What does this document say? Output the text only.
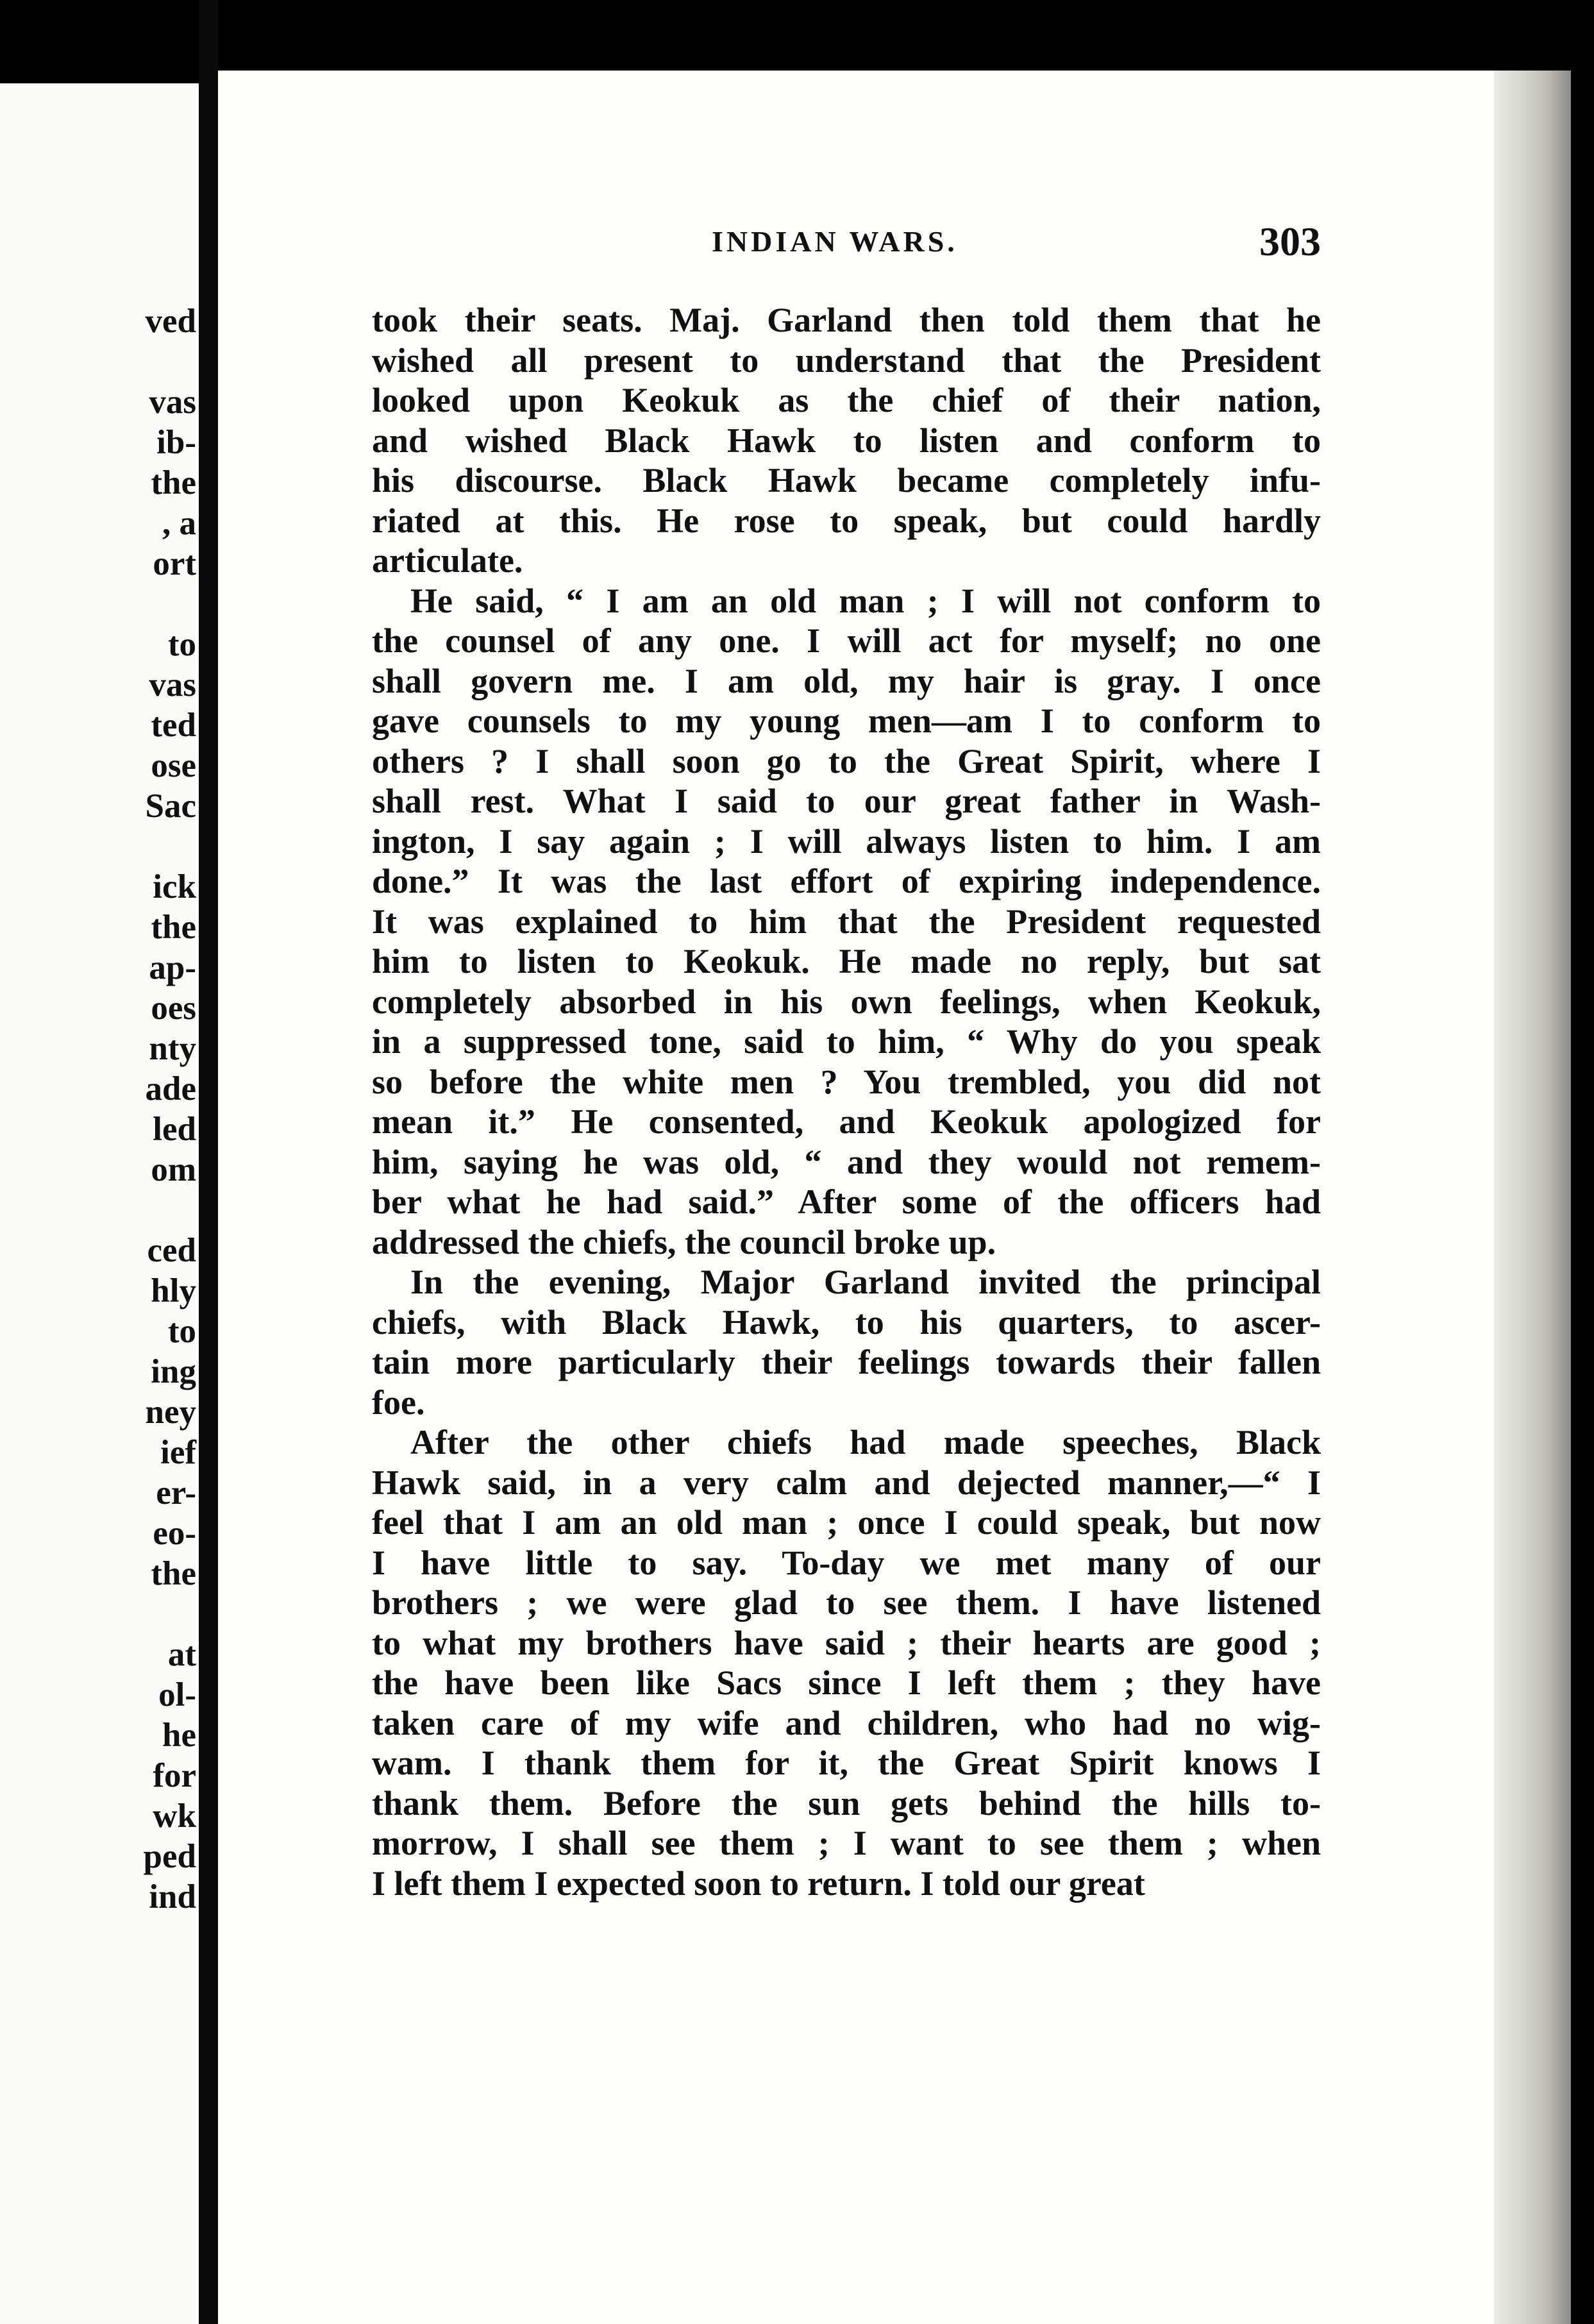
ved

vas
ib-
the
, a
ort

to
vas
ted
ose
Sac

ick
the
ap-
oes
nty
ade
led
om

ced
hly
to
ing
ney
ief
er-
eo-
the

at
ol-
he
for
wk
ped
ind
INDIAN WARS.	303

took their seats. Maj. Garland then told them that he
wished all present to understand that the President
looked upon Keokuk as the chief of their nation,
and wished Black Hawk to listen and conform to
his discourse. Black Hawk became completely infu-
riated at this. He rose to speak, but could hardly
articulate.

He said, “ I am an old man ; I will not conform to
the counsel of any one. I will act for myself; no one
shall govern me. I am old, my hair is gray. I once
gave counsels to my young men—am I to conform to
others ? I shall soon go to the Great Spirit, where I
shall rest. What I said to our great father in Wash-
ington, I say again ; I will always listen to him. I am
done.” It was the last effort of expiring independence.
It was explained to him that the President requested
him to listen to Keokuk. He made no reply, but sat
completely absorbed in his own feelings, when Keokuk,
in a suppressed tone, said to him, “ Why do you speak
so before the white men ? You trembled, you did not
mean it.” He consented, and Keokuk apologized for
him, saying he was old, “ and they would not remem-
ber what he had said.” After some of the officers had
addressed the chiefs, the council broke up.

In the evening, Major Garland invited the principal
chiefs, with Black Hawk, to his quarters, to ascer-
tain more particularly their feelings towards their fallen
foe.

After the other chiefs had made speeches, Black
Hawk said, in a very calm and dejected manner,—“ I
feel that I am an old man ; once I could speak, but now
I have little to say. To-day we met many of our
brothers ; we were glad to see them. I have listened
to what my brothers have said ; their hearts are good ;
the have been like Sacs since I left them ; they have
taken care of my wife and children, who had no wig-
wam. I thank them for it, the Great Spirit knows I
thank them. Before the sun gets behind the hills to-
morrow, I shall see them ; I want to see them ; when
I left them I expected soon to return. I told our great
